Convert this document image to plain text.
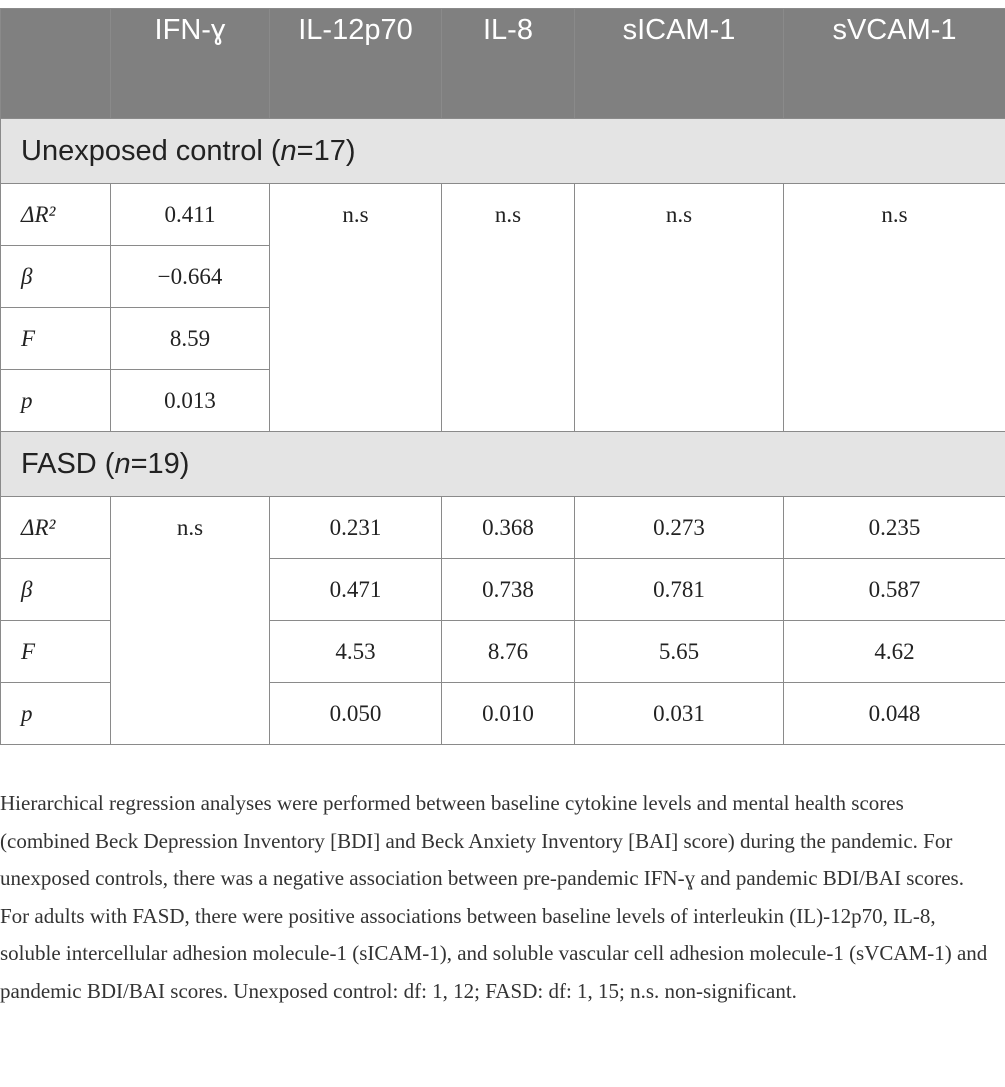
	IFN-ɣ	IL-12p70	IL-8	sICAM-1	sVCAM-1
Unexposed control (n=17)					
ΔR²	0.411	n.s	n.s	n.s	n.s
β	−0.664				
F	8.59				
p	0.013				
FASD (n=19)					
ΔR²	n.s	0.231	0.368	0.273	0.235
β		0.471	0.738	0.781	0.587
F		4.53	8.76	5.65	4.62
p		0.050	0.010	0.031	0.048

Hierarchical regression analyses were performed between baseline cytokine levels and mental health scores (combined Beck Depression Inventory [BDI] and Beck Anxiety Inventory [BAI] score) during the pandemic. For unexposed controls, there was a negative association between pre-pandemic IFN-ɣ and pandemic BDI/BAI scores. For adults with FASD, there were positive associations between baseline levels of interleukin (IL)-12p70, IL-8, soluble intercellular adhesion molecule-1 (sICAM-1), and soluble vascular cell adhesion molecule-1 (sVCAM-1) and pandemic BDI/BAI scores. Unexposed control: df: 1, 12; FASD: df: 1, 15; n.s. non-significant.
